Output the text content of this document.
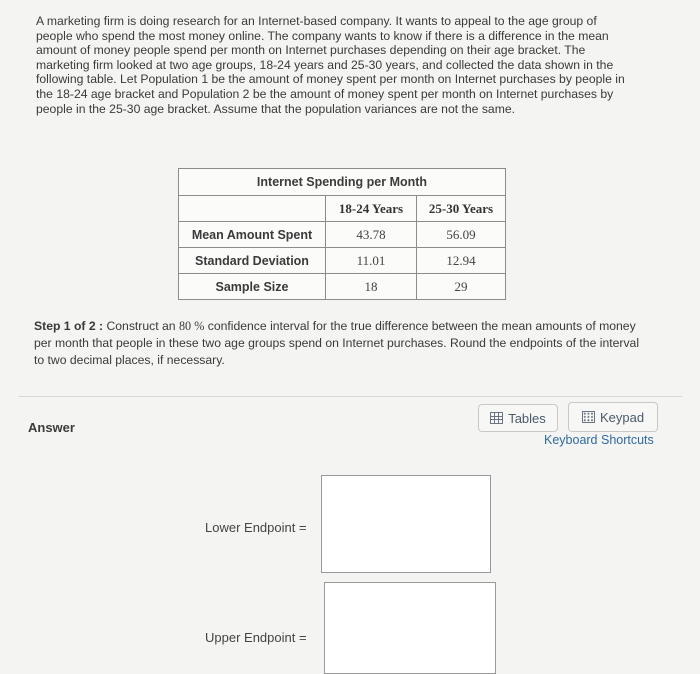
A marketing firm is doing research for an Internet-based company. It wants to appeal to the age group of people who spend the most money online. The company wants to know if there is a difference in the mean amount of money people spend per month on Internet purchases depending on their age bracket. The marketing firm looked at two age groups, 18-24 years and 25-30 years, and collected the data shown in the following table. Let Population 1 be the amount of money spent per month on Internet purchases by people in the 18-24 age bracket and Population 2 be the amount of money spent per month on Internet purchases by people in the 25-30 age bracket. Assume that the population variances are not the same.
Internet Spending per Month		
	18-24 Years	25-30 Years
Mean Amount Spent	43.78	56.09
Standard Deviation	11.01	12.94
Sample Size	18	29
Step 1 of 2 : Construct an 80 % confidence interval for the true difference between the mean amounts of money per month that people in these two age groups spend on Internet purchases. Round the endpoints of the interval to two decimal places, if necessary.
Answer
Tables	Keypad
Keyboard Shortcuts
Lower Endpoint =
Upper Endpoint =
